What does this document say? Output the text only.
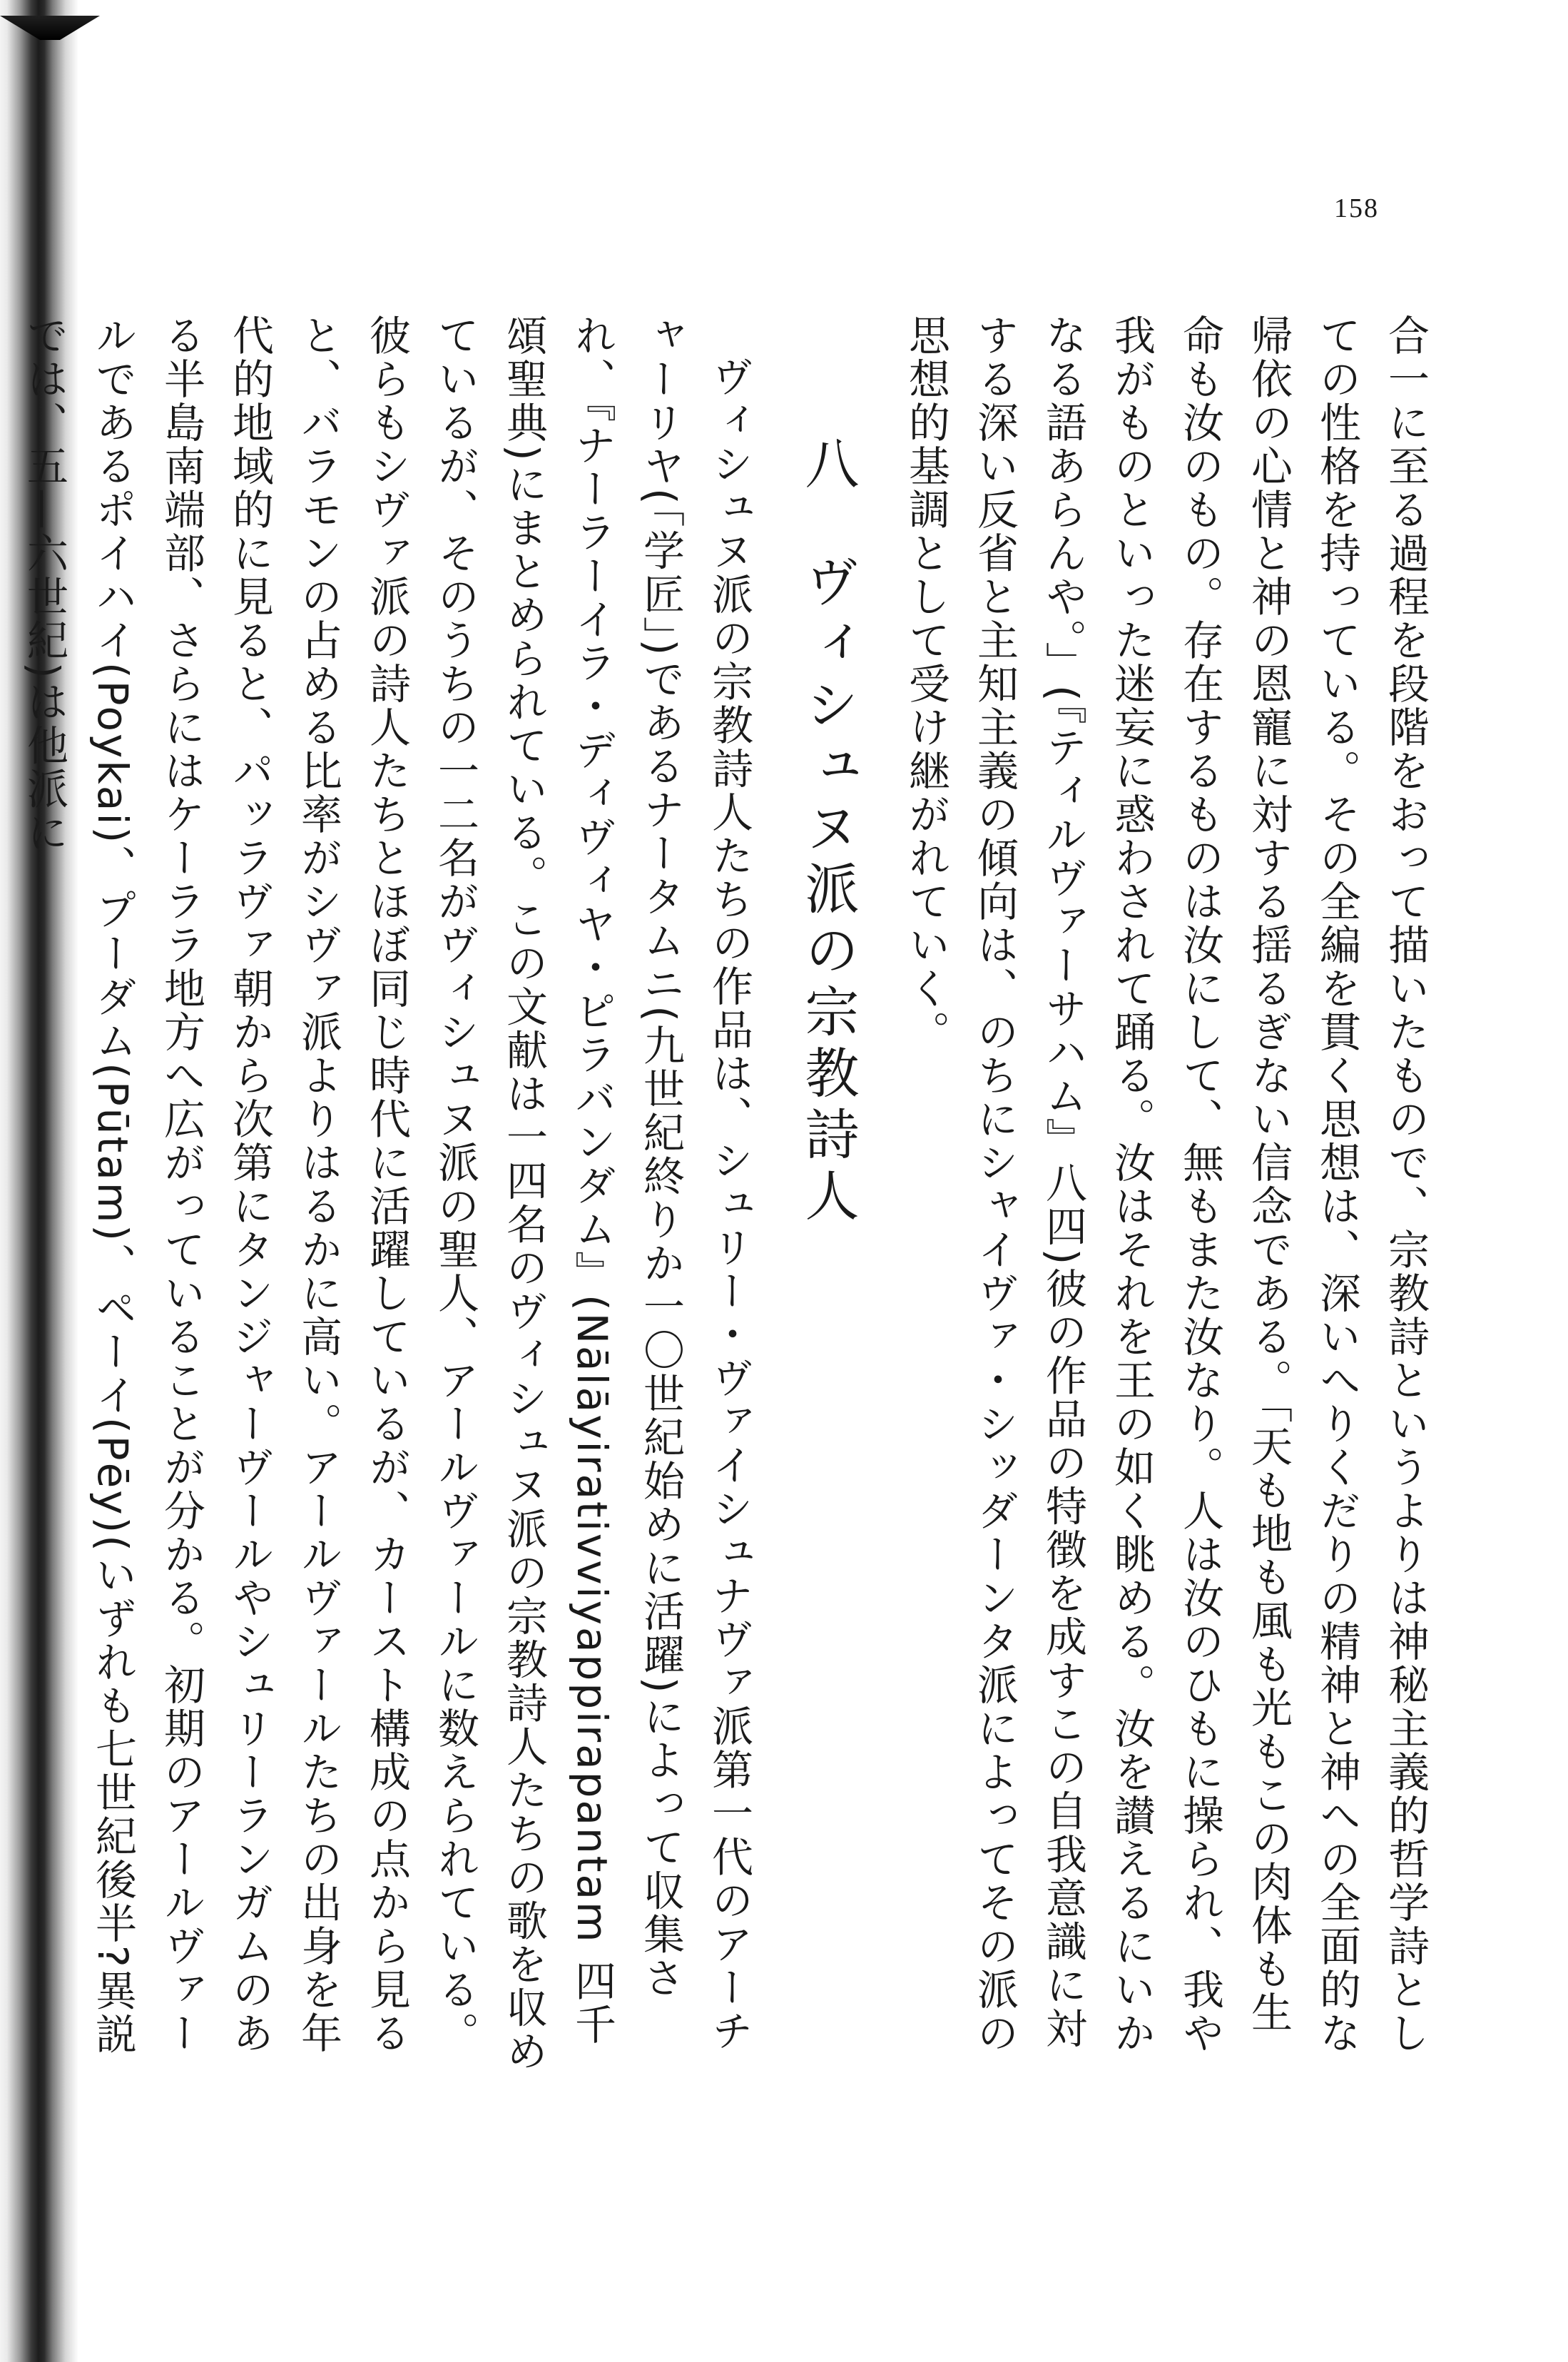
158

合一に至る過程を段階をおって描いたもので、宗教詩というよりは神秘主義的哲学詩としての性格を持っている。その全編を貫く思想は、深いへりくだりの精神と神への全面的な帰依の心情と神の恩寵に対する揺るぎない信念である。「天も地も風も光もこの肉体も生命も汝のもの。存在するものは汝にして、無もまた汝なり。人は汝のひもに操られ、我や我がものといった迷妄に惑わされて踊る。汝はそれを王の如く眺める。汝を讃えるにいかなる語あらんや。」(『ティルヴァーサハム』八四)彼の作品の特徴を成すこの自我意識に対する深い反省と主知主義の傾向は、のちにシャイヴァ・シッダーンタ派によってその派の思想的基調として受け継がれていく。

八ヴィシュヌ派の宗教詩人

ヴィシュヌ派の宗教詩人たちの作品は、シュリー・ヴァイシュナヴァ派第一代のアーチャーリヤ(「学匠」)であるナータムニ(九世紀終りか一〇世紀始めに活躍)によって収集され、『ナーラーイラ・ディヴィヤ・ピラバンダム』(Nālāyirativviyappirapantam 四千頌聖典)にまとめられている。この文献は一四名のヴィシュヌ派の宗教詩人たちの歌を収めているが、そのうちの一二名がヴィシュヌ派の聖人、アールヴァールに数えられている。彼らもシヴァ派の詩人たちとほぼ同じ時代に活躍しているが、カースト構成の点から見ると、バラモンの占める比率がシヴァ派よりはるかに高い。アールヴァールたちの出身を年代的地域的に見ると、パッラヴァ朝から次第にタンジャーヴールやシュリーランガムのある半島南端部、さらにはケーララ地方へ広がっていることが分かる。初期のアールヴァールであるポイハイ(Poykai)、プーダム(Pūtam)、ペーイ(Pēy)(いずれも七世紀後半?異説では、五—六世紀)は他派に
